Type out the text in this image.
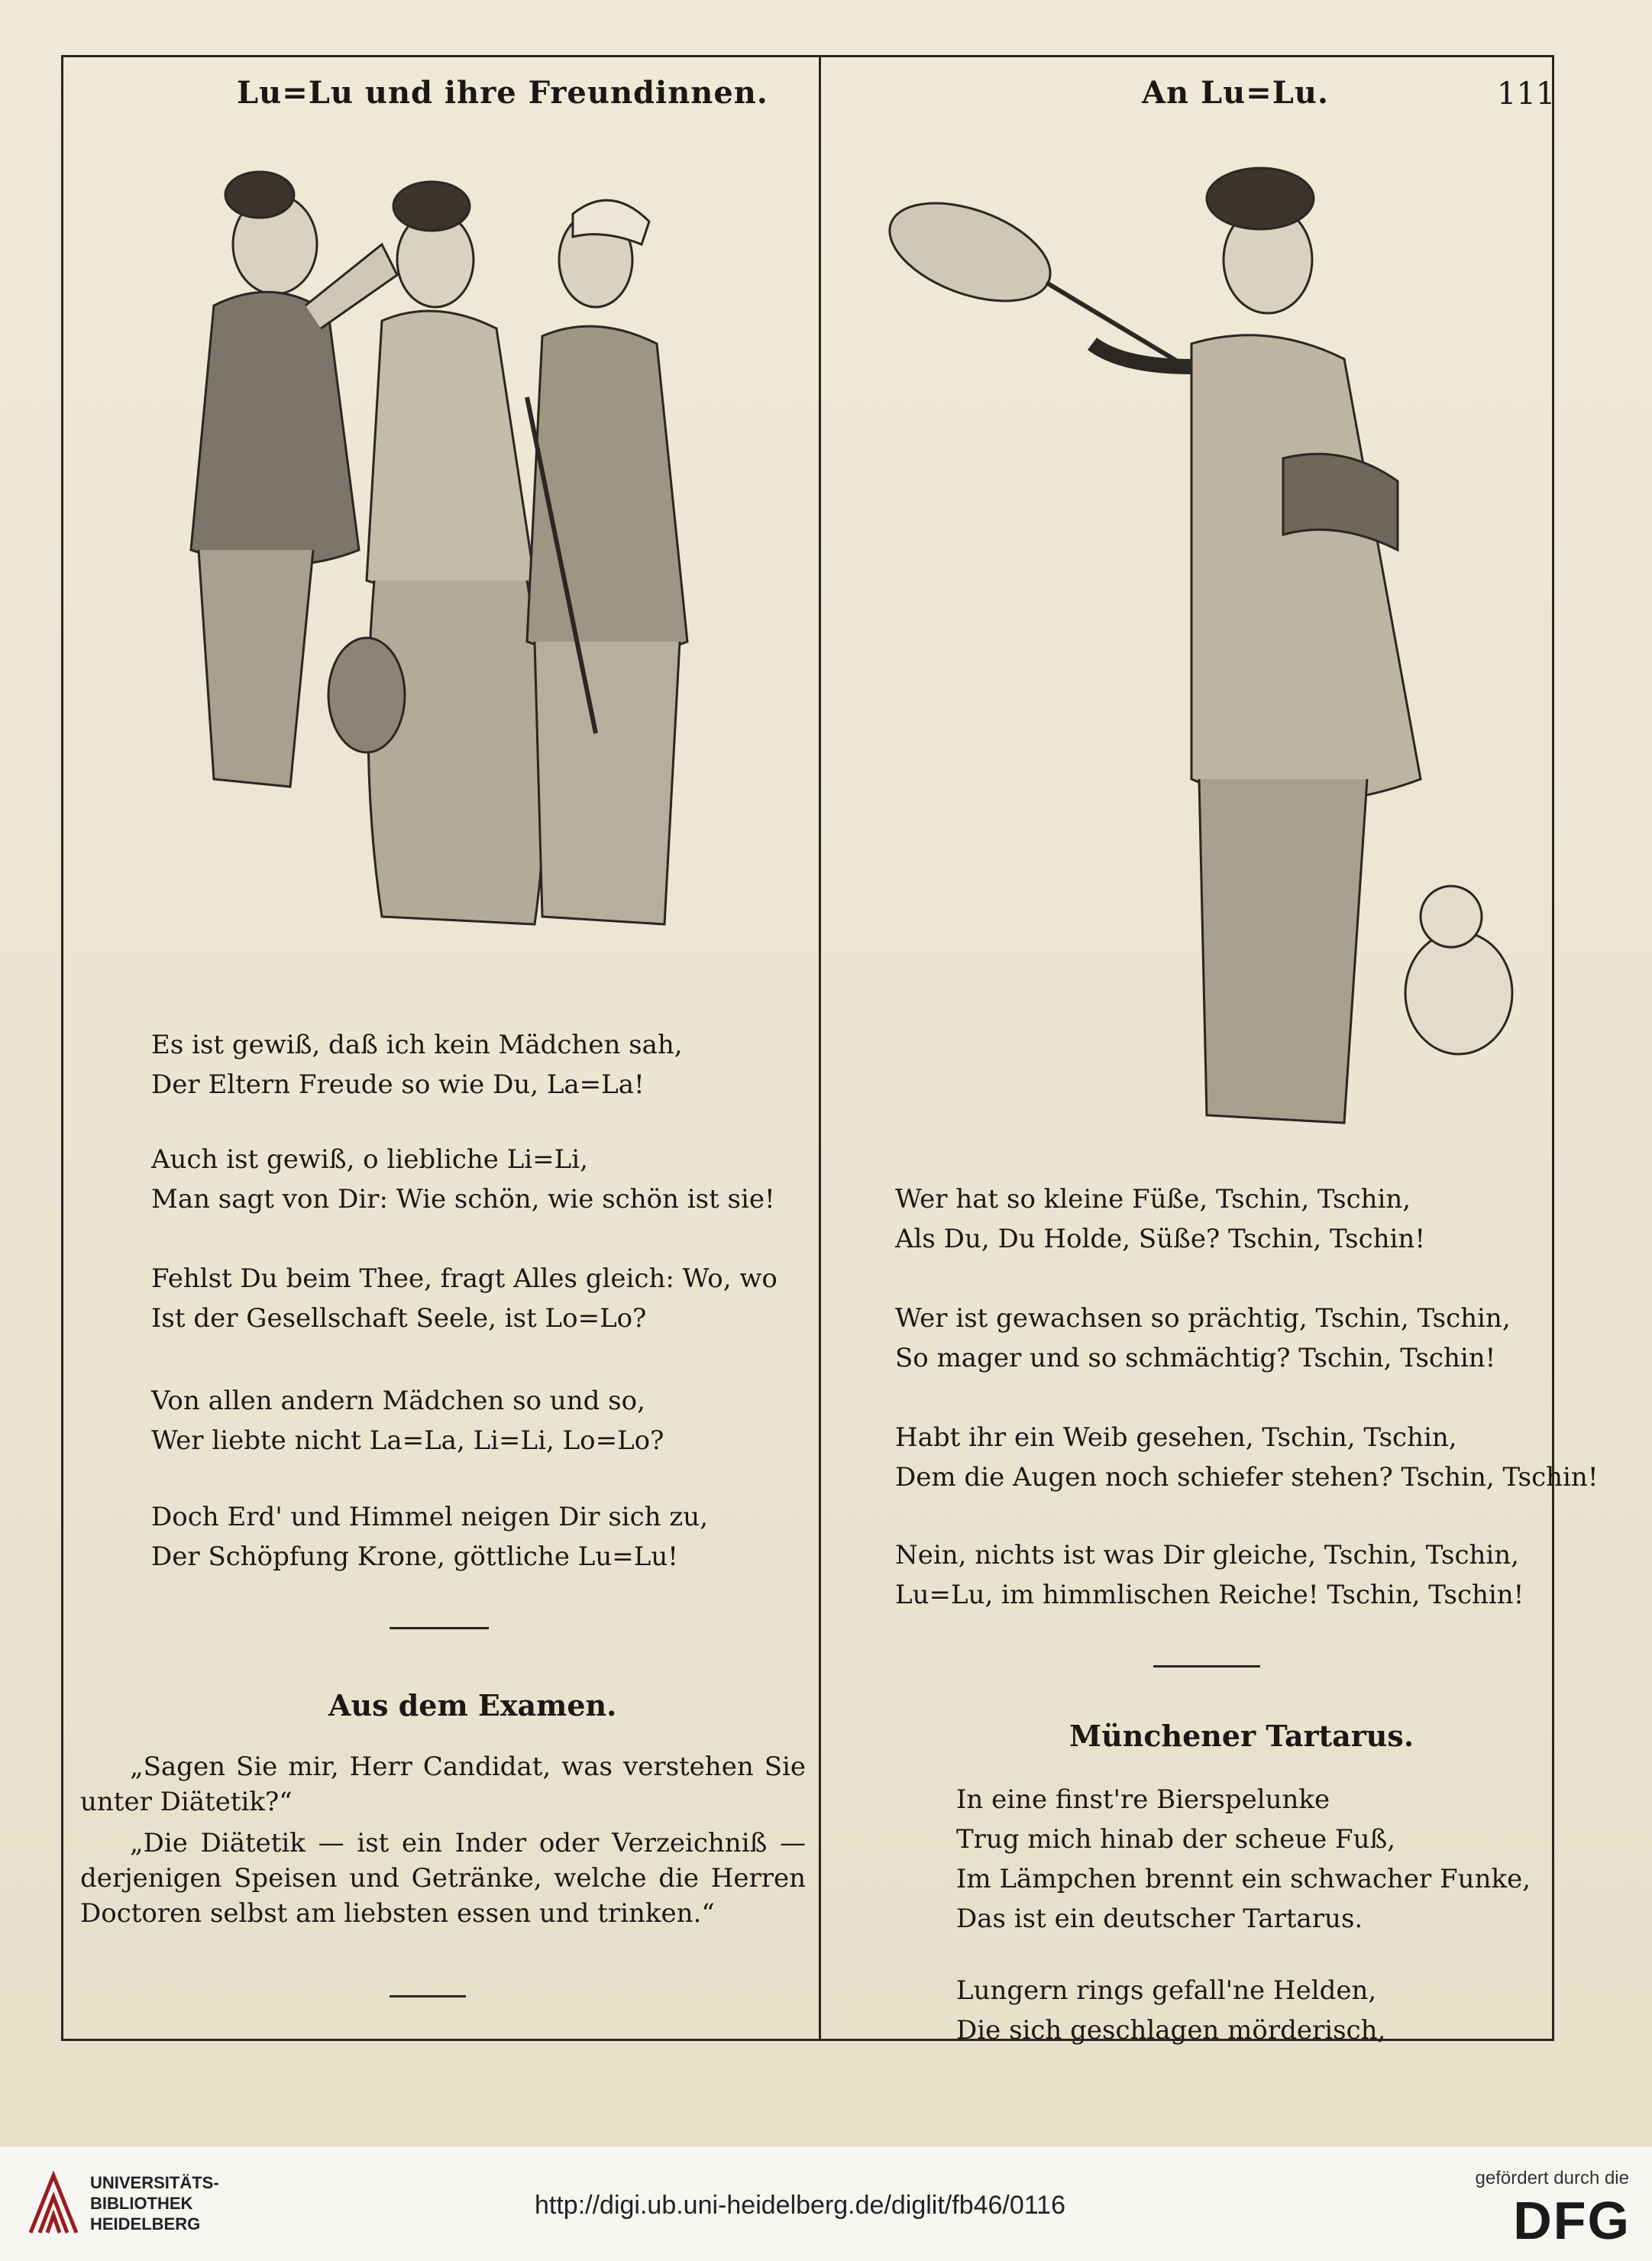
Lu=Lu und ihre Freundinnen.	An Lu=Lu.	111
Es ist gewiß, daß ich kein Mädchen sah,
Der Eltern Freude so wie Du, La=La!
Auch ist gewiß, o liebliche Li=Li,
Man sagt von Dir: Wie schön, wie schön ist sie!
Fehlst Du beim Thee, fragt Alles gleich: Wo, wo
Ist der Gesellschaft Seele, ist Lo=Lo?
Von allen andern Mädchen so und so,
Wer liebte nicht La=La, Li=Li, Lo=Lo?
Doch Erd' und Himmel neigen Dir sich zu,
Der Schöpfung Krone, göttliche Lu=Lu!
Aus dem Examen.
„Sagen Sie mir, Herr Candidat, was verstehen Sie unter Diätetik?“
„Die Diätetik — ist ein Inder oder Verzeichniß — derjenigen Speisen und Getränke, welche die Herren Doctoren selbst am liebsten essen und trinken.“
Wer hat so kleine Füße, Tschin, Tschin,
Als Du, Du Holde, Süße? Tschin, Tschin!
Wer ist gewachsen so prächtig, Tschin, Tschin,
So mager und so schmächtig? Tschin, Tschin!
Habt ihr ein Weib gesehen, Tschin, Tschin,
Dem die Augen noch schiefer stehen? Tschin, Tschin!
Nein, nichts ist was Dir gleiche, Tschin, Tschin,
Lu=Lu, im himmlischen Reiche! Tschin, Tschin!
Münchener Tartarus.
In eine finst're Bierspelunke
Trug mich hinab der scheue Fuß,
Im Lämpchen brennt ein schwacher Funke,
Das ist ein deutscher Tartarus.
Lungern rings gefall'ne Helden,
Die sich geschlagen mörderisch,
UNIVERSITÄTS-
BIBLIOTHEK
HEIDELBERG
http://digi.ub.uni-heidelberg.de/diglit/fb46/0116
gefördert durch die
DFG
